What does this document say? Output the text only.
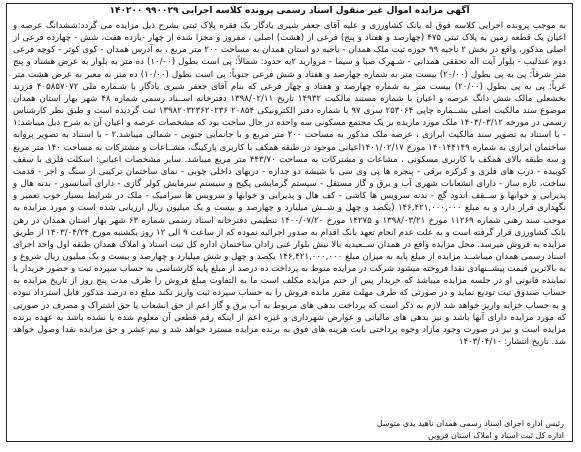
آگهی مزایده اموال غیر منقول اسناد رسمی پرونده کلاسه اجرایی ۹۹۰۰۲۹ ۱۴۰۲۰۰
به موجب پرونده اجرایی کلاسه فوق له بانک کشاورزی و علیه آقای جعفر شیری یادگار یک فقره پلاک ثبتی بشرح ذیل مزایده می گردد:ششدانگ عرصه و اعیان یک قطعه زمین به پلاک ثبتی ۴۷۵ (چهارصد و هفتاد و پنج) فرعی از (هشت) اصلی ، مفروز و مجزا شده از چهار -یازده هفت، شش - چهارده فرعی از اصلی مذکور، واقع در بخش ۲ ناحیه ۹۹ حوزه ثبت ملک همدان - ناحیه دو استان همدان به مساحت ۲۰۰ متر مربع ، به آدرس همدان - کوی کوثر - کوچه فرعی دوم عندلیب - بلوار آیت اله تحققی همدانی - شـهرک صبا و سیما - مروارید ۲به حدود: شمالاً: پی است بطول (۱۰/۰۰) ده متر به بلوار به عرض هشتاد و پنج متر شرقاً: پی به پی بطول (۲۰/۰۰) بیست متر به شماره چهارصد و هفتاد و شش فرعی جنوباً: پی است بطول (۱۰/۰۰) ده متر به معبر به عرض هشت متر غرباً: پی به پی بطول (۲۰/۰۰) بیست متر به شماره چهارصد و هفتاد و چهار فرعی که بنام آقای جعفر شیری یادگار با شـماره ملی ۴۰۵۸۵۷۰۷۲ فرزند بخشعلی مالک شش دانگ عرصه و اعیان با شماره مستند مالکیت ۱۴۹۳۲ تاریخ ۱۳۹۸/۰۲/۱۱ دفترخانه اســناد رسمی شماره ۴۸ شهر بهار استان همدان موضوع سند مالکیت اصلی بشــماره چاپی ۲۵۳۰۶۴ سری ۹۷ با شماره دفتر الکترونیکی ۲۰۸۵۴ ۱۳۹۸۲۰۳۲۳۶۲۰۲۳۶ ثبت گردیده است و طبق نظر کارشناس رسمی در مورخه ۱۴۰۳/۰۳/۱۲ ملک مورد مازیده بر یک مجتمع مسکونی سه واحده در حال ساخت بود که مشخصات عرصه و اعیان آن به شرح ذیل میباشد:۱ - با استناد به تصویر سند مالکیت ابرازی ، عرصه ملک مذکور به مساحت ۲۰۰ متر مربع و با جانمایی جنوبی - شمالی میباشد.۲ - با استناد به تصویر پروانه ساختمان ابرازی به شماره ۱۴۰۱۴۴۱۴۹ مورخ ۱۴۰۱/۰۲/۱۷اعیانی موجود در طبقه همکف با کاربری پارکینگ، مشــاعات و مشترکات به مساحت ۱۴۰ متر مربع و سه طبقه بالای همکف با کاربری مسکونی ، مشاعات و مشترکات به مساحت ۴۴۳/۷۰ متر مربع میباشد. سایر مشخصات اعیانی: اسکلت فلزی با سقف کوبیده - درب های فلزی و کرکره برقی - پنجره ها پی وی سی با شیشه دو جداره - دربهای داخلی چوبی - نمای ساختمان ترکیبی از سنگ و اجر - قدمت ساخت، تازه ساز - دارای انشعابات شهری آب و برق و گاز مستقل - سیستم گرمایشی پکیج و سیستم سرمایش کولر گازی - دارای آسانسور - بدنه هال و پذیرایی و خوابها و ســقف اندود گچ - بدنه سرویس ها کاشی - کف هال و پذیرایی و خوابها و سرویس ها سرامیک - ملک در شرایط بسیار خوب تعمیر و نگهداری قرار دارد و به مبلغ ۱۴۶,۴۲۱,۰۰۰,۰۰۰ (یکصد و چهل و شــش میلیارد و چهارصد و بیست و یک میلیون ریال ارزیابی شده است و مورد مزایده به موجب سند رهنی شماره ۱۱۲۶۹ مورخ ۱۳۹۸/۰۳/۲۱ و ۱۴۲۷۵ مورخ ۱۴۰۰/۰۷/۲۰ تنظیمی دفترخانه اسناد رسمی شماره ۶۳ شهر بهار استان همدان در رهن بانک کشاورزی قرار گرفته است و به علت عدم انجام تعهد بانک اقدام به صدور اجرائیه نموده که از ساعت ۹ الی ۱۲ روز یکشنبه مورخ ۱۴۰۳/۰۴/۲۴ از طریق مزایده به فروش میرسد. محل مزایده واقع در همدان ســعیدیه بالا نبش بلوار غنی زادان ساختمان اداره کل ثبت اسناد و املاک همدان طبقه اول واحد اجرای اسناد رسمی همدان میباشــد مزایده از مبلغ پایه به میزان مبلغ ۱۴۶,۴۲۱,۰۰۰,۰۰۰ یکصد و چهل و شش میلیارد و چهارصد و بیست و یک میلیون ریال شروع و به بالاترین قیمت پیشــنهادی نقدا فروخته میشود شرکت در مزایده منوط به پرداخت ده درصد از مبلغ پایه کارشناسی به حساب سپرده ثبت و حضور خریدار یا نماینده قانونی او در جلسه مزایده میباشد که خریدار پس از ختم مزایده مکلف است ما به التفاوت مبلغ فروش را ظرف مدت پنج روز از تاریخ مزایده به حساب صندوق ثبت تودیع نماید و در صورتی که طرف مهلت مقرر مانده فروش را به حساب سپرده ثبت واریز نکند مبلغ ده درصد مذکور قابل استرداد نبوده و به حساب خزانه واریز خواهد شد لازم به ذکر است که پرداخت بدهی های مربوط به آب برق و گاز اعم از حق انشعاب یا حق اشتراک و مصرف در صورتی که مورد مزایده دارای آنها باشد و نیز بدهی های مالیاتی و عوارض شهرداری و غیره اعم از اینکه رقم قطعی آن معلوم شده یا نشده باشد به عهده برنده مزایده است و نیز در صورت وجود مازاد وجوه پرداختی بابت هزینه های فوق به برنده مزایده مسترد خواهد شد و نیم عشر و حق مزایده نقدا وصول خواهد شد. تاریخ انتشار: ۱۴۰۳/۰۴/۱۰
رئیس اداره اجرای اسناد رسمی همدان ناهید یدی متوسل
اداره کل ثبت اسناد و املاک استان قزوین
